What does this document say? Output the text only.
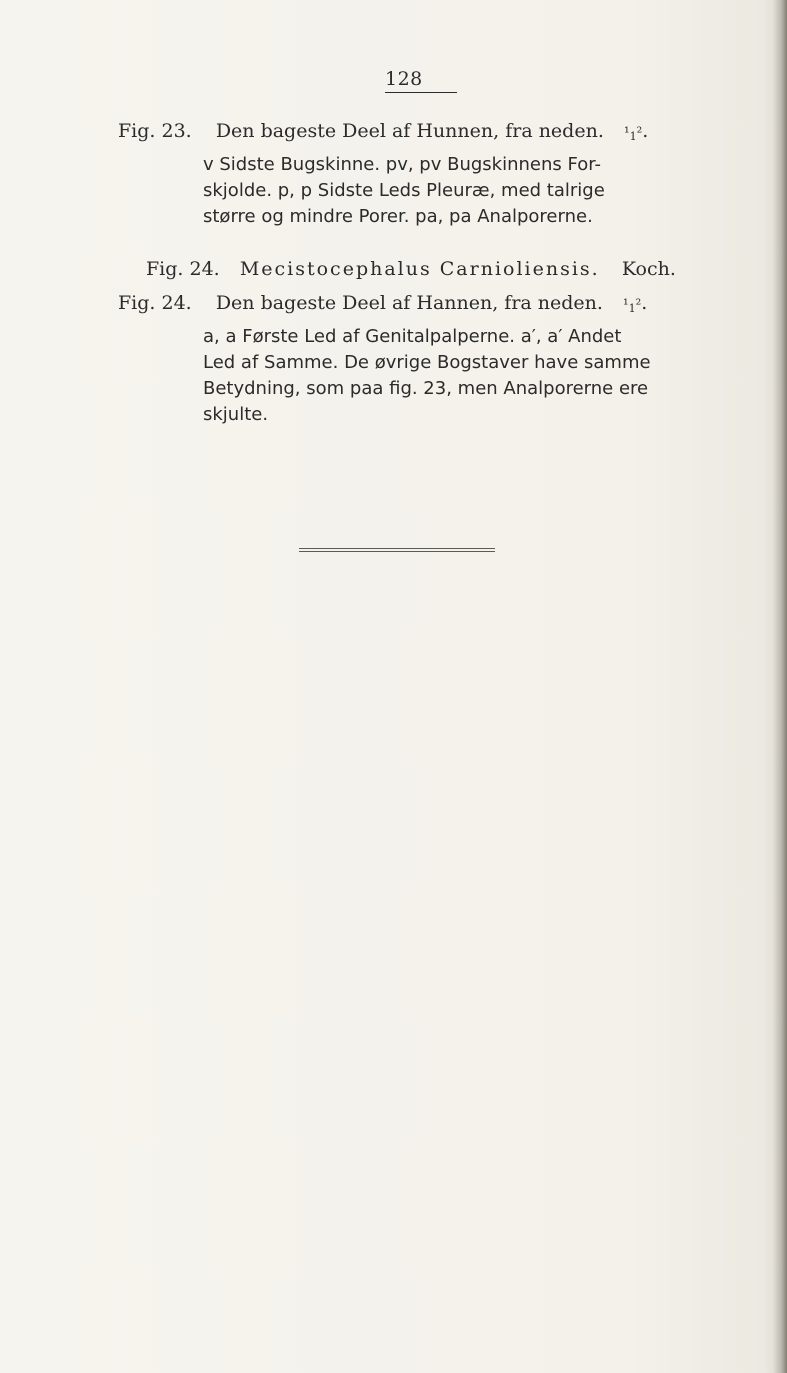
128
Fig. 23. Den bageste Deel af Hunnen, fra neden. $^1_1^2$.
v Sidste Bugskinne. pv, pv Bugskinnens For-
skjolde. p, p Sidste Leds Pleuræ, med talrige
større og mindre Porer. pa, pa Analporerne.
Fig. 24. Mecistocephalus Carnioliensis. Koch.
Fig. 24. Den bageste Deel af Hannen, fra neden. $^1_1^2$.
a, a Første Led af Genitalpalperne. a′, a′ Andet
Led af Samme. De øvrige Bogstaver have samme
Betydning, som paa fig. 23, men Analporerne ere
skjulte.
